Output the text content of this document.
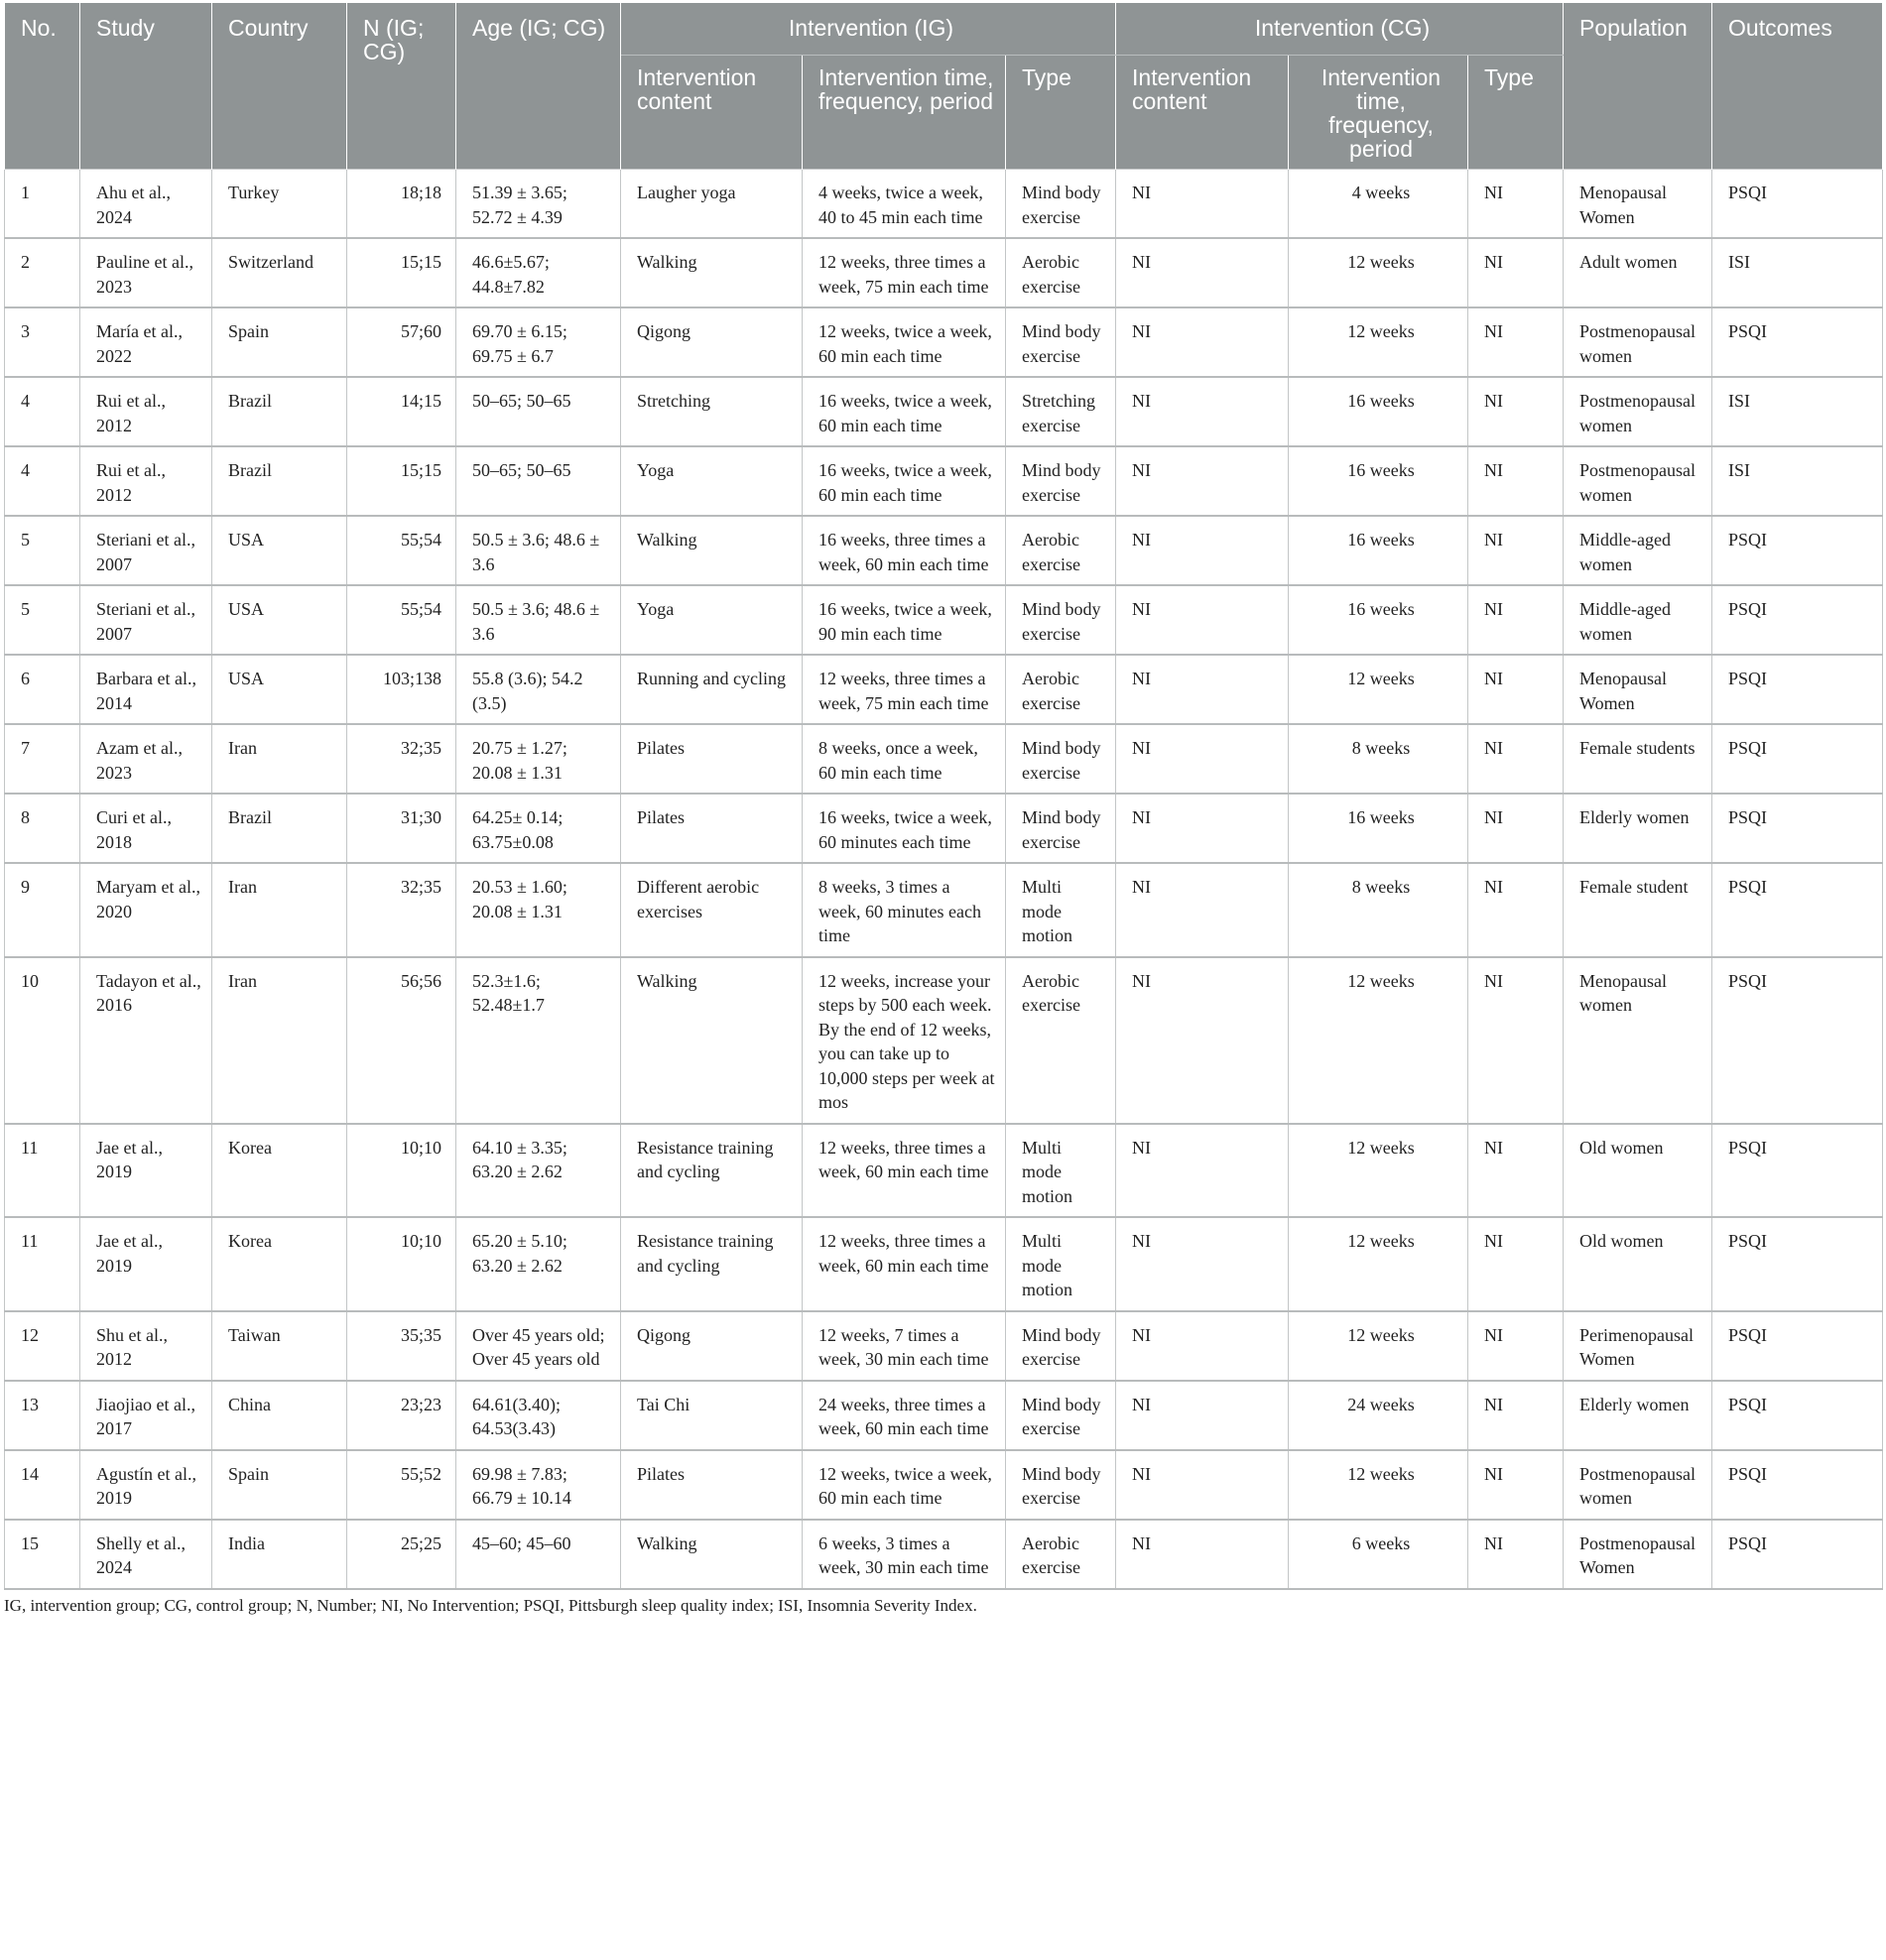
No.	Study	Country	N (IG; CG)	Age (IG; CG)	Intervention (IG)			Intervention (CG)			Population	Outcomes
					Intervention content	Intervention time, frequency, period	Type	Intervention content	Intervention time, frequency, period	Type		
1	Ahu et al., 2024	Turkey	18;18	51.39 ± 3.65; 52.72 ± 4.39	Laugher yoga	4 weeks, twice a week, 40 to 45 min each time	Mind body exercise	NI	4 weeks	NI	Menopausal Women	PSQI
2	Pauline et al., 2023	Switzerland	15;15	46.6±5.67; 44.8±7.82	Walking	12 weeks, three times a week, 75 min each time	Aerobic exercise	NI	12 weeks	NI	Adult women	ISI
3	María et al., 2022	Spain	57;60	69.70 ± 6.15; 69.75 ± 6.7	Qigong	12 weeks, twice a week, 60 min each time	Mind body exercise	NI	12 weeks	NI	Postmenopausal women	PSQI
4	Rui et al., 2012	Brazil	14;15	50–65; 50–65	Stretching	16 weeks, twice a week, 60 min each time	Stretching exercise	NI	16 weeks	NI	Postmenopausal women	ISI
4	Rui et al., 2012	Brazil	15;15	50–65; 50–65	Yoga	16 weeks, twice a week, 60 min each time	Mind body exercise	NI	16 weeks	NI	Postmenopausal women	ISI
5	Steriani et al., 2007	USA	55;54	50.5 ± 3.6; 48.6 ± 3.6	Walking	16 weeks, three times a week, 60 min each time	Aerobic exercise	NI	16 weeks	NI	Middle-aged women	PSQI
5	Steriani et al., 2007	USA	55;54	50.5 ± 3.6; 48.6 ± 3.6	Yoga	16 weeks, twice a week, 90 min each time	Mind body exercise	NI	16 weeks	NI	Middle-aged women	PSQI
6	Barbara et al., 2014	USA	103;138	55.8 (3.6); 54.2 (3.5)	Running and cycling	12 weeks, three times a week, 75 min each time	Aerobic exercise	NI	12 weeks	NI	Menopausal Women	PSQI
7	Azam et al., 2023	Iran	32;35	20.75 ± 1.27; 20.08 ± 1.31	Pilates	8 weeks, once a week, 60 min each time	Mind body exercise	NI	8 weeks	NI	Female students	PSQI
8	Curi et al., 2018	Brazil	31;30	64.25± 0.14; 63.75±0.08	Pilates	16 weeks, twice a week, 60 minutes each time	Mind body exercise	NI	16 weeks	NI	Elderly women	PSQI
9	Maryam et al., 2020	Iran	32;35	20.53 ± 1.60; 20.08 ± 1.31	Different aerobic exercises	8 weeks, 3 times a week, 60 minutes each time	Multi mode motion	NI	8 weeks	NI	Female student	PSQI
10	Tadayon et al., 2016	Iran	56;56	52.3±1.6; 52.48±1.7	Walking	12 weeks, increase your steps by 500 each week. By the end of 12 weeks, you can take up to 10,000 steps per week at mos	Aerobic exercise	NI	12 weeks	NI	Menopausal women	PSQI
11	Jae et al., 2019	Korea	10;10	64.10 ± 3.35; 63.20 ± 2.62	Resistance training and cycling	12 weeks, three times a week, 60 min each time	Multi mode motion	NI	12 weeks	NI	Old women	PSQI
11	Jae et al., 2019	Korea	10;10	65.20 ± 5.10; 63.20 ± 2.62	Resistance training and cycling	12 weeks, three times a week, 60 min each time	Multi mode motion	NI	12 weeks	NI	Old women	PSQI
12	Shu et al., 2012	Taiwan	35;35	Over 45 years old; Over 45 years old	Qigong	12 weeks, 7 times a week, 30 min each time	Mind body exercise	NI	12 weeks	NI	Perimenopausal Women	PSQI
13	Jiaojiao et al., 2017	China	23;23	64.61(3.40); 64.53(3.43)	Tai Chi	24 weeks, three times a week, 60 min each time	Mind body exercise	NI	24 weeks	NI	Elderly women	PSQI
14	Agustín et al., 2019	Spain	55;52	69.98 ± 7.83; 66.79 ± 10.14	Pilates	12 weeks, twice a week, 60 min each time	Mind body exercise	NI	12 weeks	NI	Postmenopausal women	PSQI
15	Shelly et al., 2024	India	25;25	45–60; 45–60	Walking	6 weeks, 3 times a week, 30 min each time	Aerobic exercise	NI	6 weeks	NI	Postmenopausal Women	PSQI
IG, intervention group; CG, control group; N, Number; NI, No Intervention; PSQI, Pittsburgh sleep quality index; ISI, Insomnia Severity Index.
